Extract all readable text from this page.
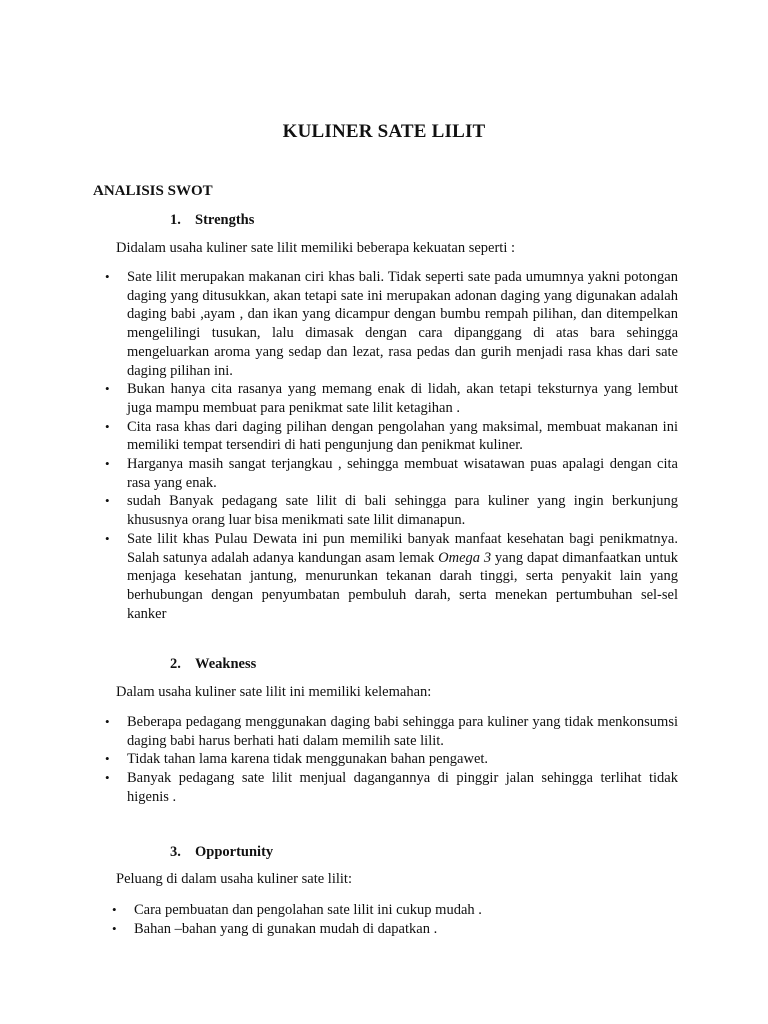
KULINER SATE LILIT
ANALISIS SWOT
1. Strengths
Didalam usaha kuliner sate lilit memiliki beberapa kekuatan seperti :
• Sate lilit merupakan makanan ciri khas bali. Tidak seperti sate pada umumnya yakni potongan daging yang ditusukkan, akan tetapi sate ini merupakan adonan daging yang digunakan adalah daging babi ,ayam , dan ikan yang dicampur dengan bumbu rempah pilihan, dan ditempelkan mengelilingi tusukan, lalu dimasak dengan cara dipanggang di atas bara sehingga mengeluarkan aroma yang sedap dan lezat, rasa pedas dan gurih menjadi rasa khas dari sate daging pilihan ini.
• Bukan hanya cita rasanya yang memang enak di lidah, akan tetapi teksturnya yang lembut juga mampu membuat para penikmat sate lilit ketagihan .
• Cita rasa khas dari daging pilihan dengan pengolahan yang maksimal, membuat makanan ini memiliki tempat tersendiri di hati pengunjung dan penikmat kuliner.
• Harganya masih sangat terjangkau , sehingga membuat wisatawan puas apalagi dengan cita rasa yang enak.
• sudah Banyak pedagang sate lilit di bali sehingga para kuliner yang ingin berkunjung khususnya orang luar bisa menikmati sate lilit dimanapun.
• Sate lilit khas Pulau Dewata ini pun memiliki banyak manfaat kesehatan bagi penikmatnya. Salah satunya adalah adanya kandungan asam lemak Omega 3 yang dapat dimanfaatkan untuk menjaga kesehatan jantung, menurunkan tekanan darah tinggi, serta penyakit lain yang berhubungan dengan penyumbatan pembuluh darah, serta menekan pertumbuhan sel-sel kanker
2. Weakness
Dalam usaha kuliner sate lilit ini memiliki kelemahan:
• Beberapa pedagang menggunakan daging babi sehingga para kuliner yang tidak menkonsumsi daging babi harus berhati hati dalam memilih sate lilit.
• Tidak tahan lama karena tidak menggunakan bahan pengawet.
• Banyak pedagang sate lilit menjual dagangannya di pinggir jalan sehingga terlihat tidak higenis .
3. Opportunity
Peluang di dalam usaha kuliner sate lilit:
• Cara pembuatan dan pengolahan sate lilit ini cukup mudah .
• Bahan –bahan yang di gunakan mudah di dapatkan .
